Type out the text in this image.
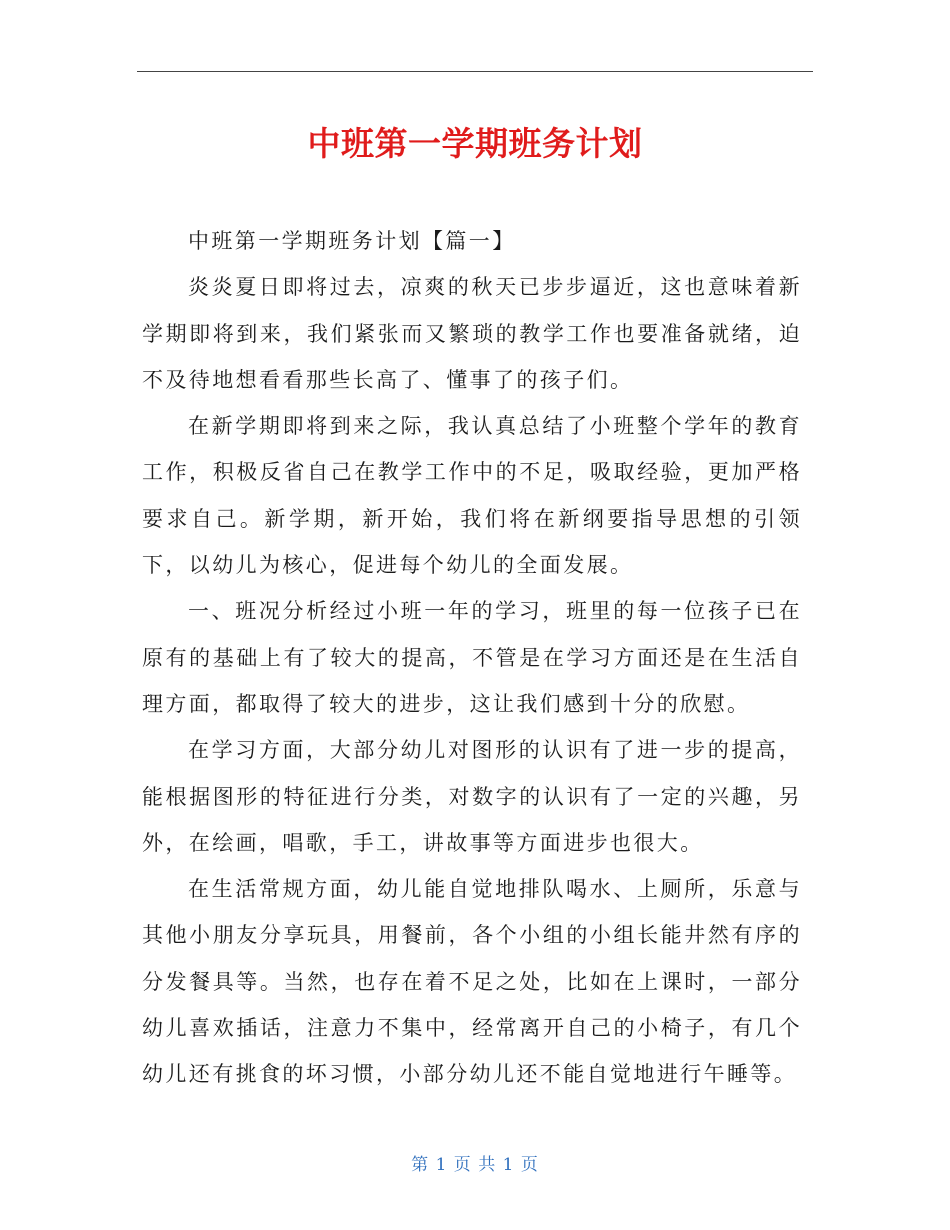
中班第一学期班务计划

中班第一学期班务计划【篇一】

炎炎夏日即将过去，凉爽的秋天已步步逼近，这也意味着新学期即将到来，我们紧张而又繁琐的教学工作也要准备就绪，迫不及待地想看看那些长高了、懂事了的孩子们。

在新学期即将到来之际，我认真总结了小班整个学年的教育工作，积极反省自己在教学工作中的不足，吸取经验，更加严格要求自己。新学期，新开始，我们将在新纲要指导思想的引领下，以幼儿为核心，促进每个幼儿的全面发展。

一、班况分析经过小班一年的学习，班里的每一位孩子已在原有的基础上有了较大的提高，不管是在学习方面还是在生活自理方面，都取得了较大的进步，这让我们感到十分的欣慰。

在学习方面，大部分幼儿对图形的认识有了进一步的提高，能根据图形的特征进行分类，对数字的认识有了一定的兴趣，另外，在绘画，唱歌，手工，讲故事等方面进步也很大。

在生活常规方面，幼儿能自觉地排队喝水、上厕所，乐意与其他小朋友分享玩具，用餐前，各个小组的小组长能井然有序的分发餐具等。当然，也存在着不足之处，比如在上课时，一部分幼儿喜欢插话，注意力不集中，经常离开自己的小椅子，有几个幼儿还有挑食的坏习惯，小部分幼儿还不能自觉地进行午睡等。

第 1 页 共 1 页
